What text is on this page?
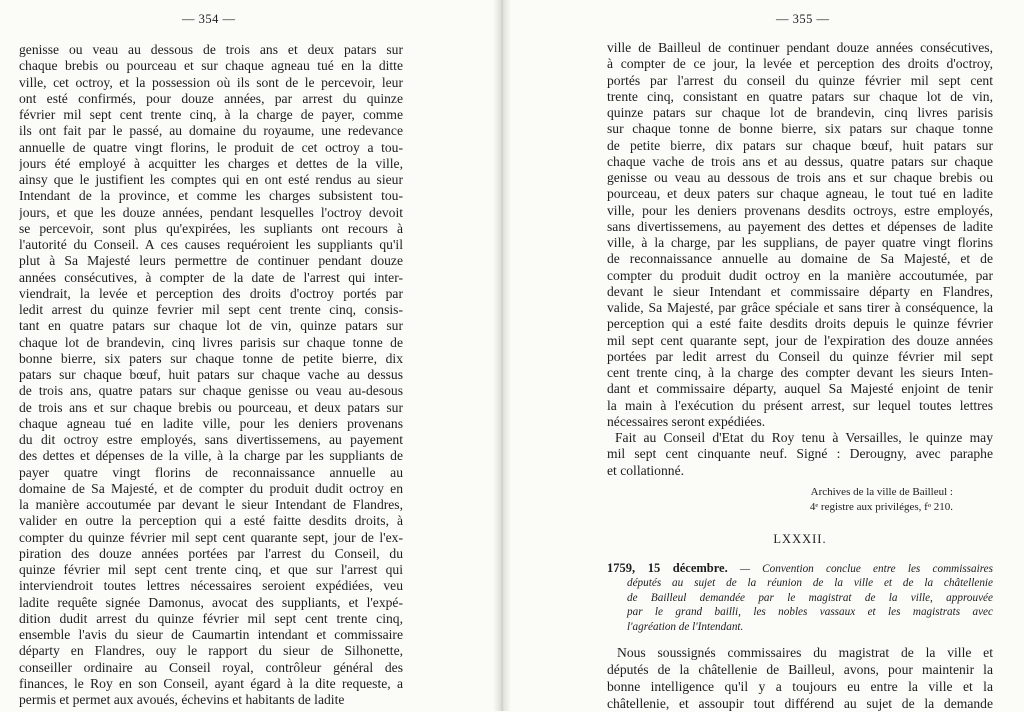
— 354 —
genisse ou veau au dessous de trois ans et deux patars sur
chaque brebis ou pourceau et sur chaque agneau tué en la ditte
ville, cet octroy, et la possession où ils sont de le percevoir, leur
ont esté confirmés, pour douze années, par arrest du quinze
février mil sept cent trente cinq, à la charge de payer, comme
ils ont fait par le passé, au domaine du royaume, une redevance
annuelle de quatre vingt florins, le produit de cet octroy a tou-
jours été employé à acquitter les charges et dettes de la ville,
ainsy que le justifient les comptes qui en ont esté rendus au sieur
Intendant de la province, et comme les charges subsistent tou-
jours, et que les douze années, pendant lesquelles l'octroy devoit
se percevoir, sont plus qu'expirées, les supliants ont recours à
l'autorité du Conseil. A ces causes requéroient les suppliants qu'il
plut à Sa Majesté leurs permettre de continuer pendant douze
années consécutives, à compter de la date de l'arrest qui inter-
viendrait, la levée et perception des droits d'octroy portés par
ledit arrest du quinze fevrier mil sept cent trente cinq, consis-
tant en quatre patars sur chaque lot de vin, quinze patars sur
chaque lot de brandevin, cinq livres parisis sur chaque tonne de
bonne bierre, six paters sur chaque tonne de petite bierre, dix
patars sur chaque bœuf, huit patars sur chaque vache au dessus
de trois ans, quatre patars sur chaque genisse ou veau au-desous
de trois ans et sur chaque brebis ou pourceau, et deux patars sur
chaque agneau tué en ladite ville, pour les deniers provenans
du dit octroy estre employés, sans divertissemens, au payement
des dettes et dépenses de la ville, à la charge par les suppliants de
payer quatre vingt florins de reconnaissance annuelle au
domaine de Sa Majesté, et de compter du produit dudit octroy en
la manière accoutumée par devant le sieur Intendant de Flandres,
valider en outre la perception qui a esté faitte desdits droits, à
compter du quinze février mil sept cent quarante sept, jour de l'ex-
piration des douze années portées par l'arrest du Conseil, du
quinze février mil sept cent trente cinq, et que sur l'arrest qui
interviendroit toutes lettres nécessaires seroient expédiées, veu
ladite requête signée Damonus, avocat des suppliants, et l'expé-
dition dudit arrest du quinze février mil sept cent trente cinq,
ensemble l'avis du sieur de Caumartin intendant et commissaire
départy en Flandres, ouy le rapport du sieur de Silhonette,
conseiller ordinaire au Conseil royal, contrôleur général des
finances, le Roy en son Conseil, ayant égard à la dite requeste, a
permis et permet aux avoués, échevins et habitants de ladite
— 355 —
ville de Bailleul de continuer pendant douze années consécutives,
à compter de ce jour, la levée et perception des droits d'octroy,
portés par l'arrest du conseil du quinze février mil sept cent
trente cinq, consistant en quatre patars sur chaque lot de vin,
quinze patars sur chaque lot de brandevin, cinq livres parisis
sur chaque tonne de bonne bierre, six patars sur chaque tonne
de petite bierre, dix patars sur chaque bœuf, huit patars sur
chaque vache de trois ans et au dessus, quatre patars sur chaque
genisse ou veau au dessous de trois ans et sur chaque brebis ou
pourceau, et deux paters sur chaque agneau, le tout tué en ladite
ville, pour les deniers provenans desdits octroys, estre employés,
sans divertissemens, au payement des dettes et dépenses de ladite
ville, à la charge, par les supplians, de payer quatre vingt florins
de reconnaissance annuelle au domaine de Sa Majesté, et de
compter du produit dudit octroy en la manière accoutumée, par
devant le sieur Intendant et commissaire départy en Flandres,
valide, Sa Majesté, par grâce spéciale et sans tirer à conséquence, la
perception qui a esté faite desdits droits depuis le quinze février
mil sept cent quarante sept, jour de l'expiration des douze années
portées par ledit arrest du Conseil du quinze février mil sept
cent trente cinq, à la charge des compter devant les sieurs Inten-
dant et commissaire départy, auquel Sa Majesté enjoint de tenir
la main à l'exécution du présent arrest, sur lequel toutes lettres
nécessaires seront expédiées.
Fait au Conseil d'Etat du Roy tenu à Versailles, le quinze may
mil sept cent cinquante neuf. Signé : Derougny, avec paraphe
et collationné.
Archives de la ville de Bailleul :
4ᵉ registre aux priviléges, fᵒ 210.
LXXXII.
1759, 15 décembre. — Convention conclue entre les commissaires
députés au sujet de la réunion de la ville et de la châtellenie
de Bailleul demandée par le magistrat de la ville, approuvée
par le grand bailli, les nobles vassaux et les magistrats avec
l'agréation de l'Intendant.
Nous soussignés commissaires du magistrat de la ville et
députés de la châtellenie de Bailleul, avons, pour maintenir la
bonne intelligence qu'il y a toujours eu entre la ville et la
châtellenie, et assoupir tout différend au sujet de la demande
